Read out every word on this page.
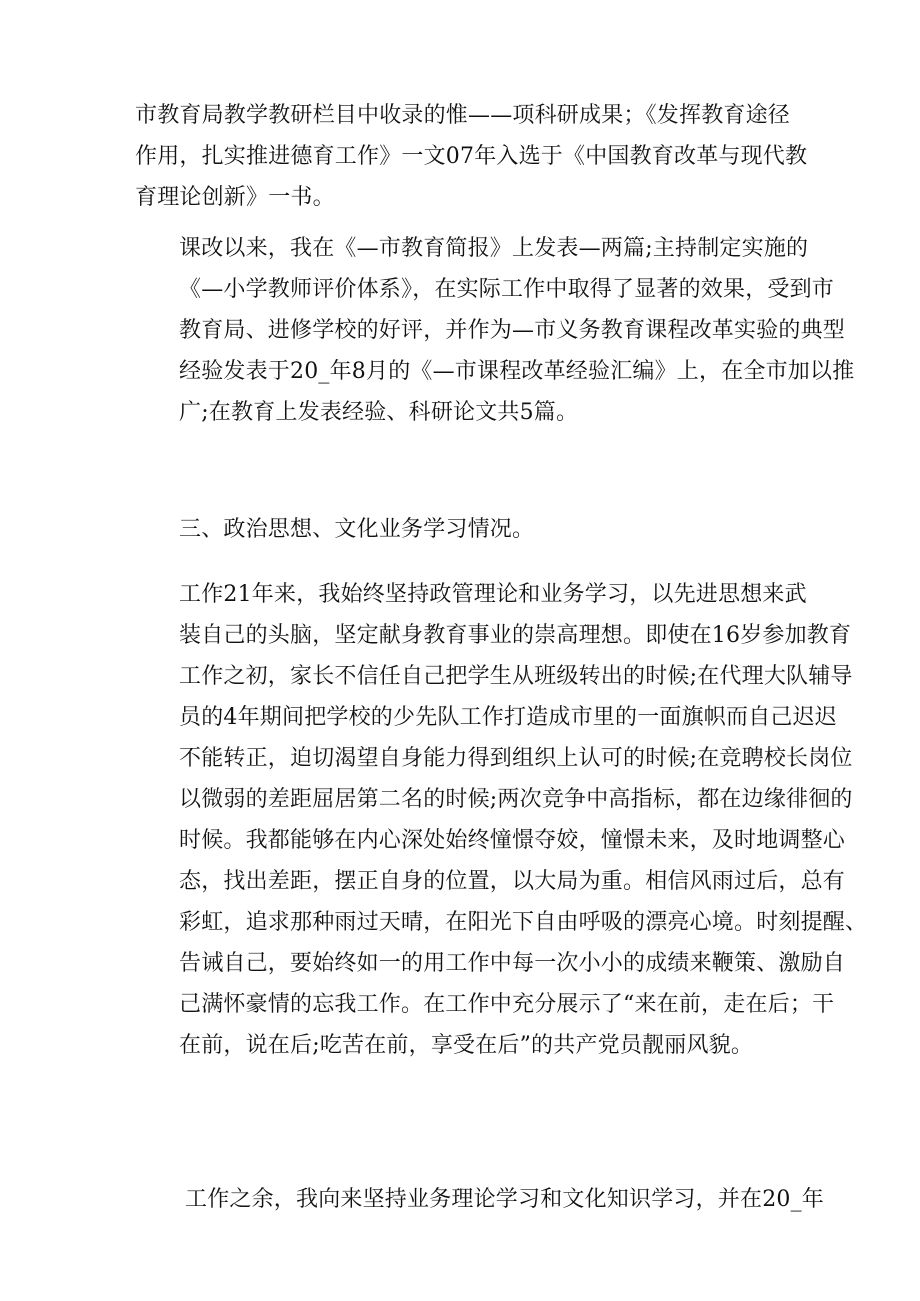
市教育局教学教研栏目中收录的惟——项科研成果；《发挥教育途径
作用，扎实推进德育工作》一文07年入选于《中国教育改革与现代教
育理论创新》一书。
课改以来，我在《—市教育简报》上发表—两篇;主持制定实施的
《—小学教师评价体系》，在实际工作中取得了显著的效果，受到市
教育局、进修学校的好评，并作为—市义务教育课程改革实验的典型
经验发表于20_年8月的《—市课程改革经验汇编》上，在全市加以推
广;在教育上发表经验、科研论文共5篇。
三、政治思想、文化业务学习情况。
工作21年来，我始终坚持政管理论和业务学习，以先进思想来武
装自己的头脑，坚定献身教育事业的崇高理想。即使在16岁参加教育
工作之初，家长不信任自己把学生从班级转出的时候;在代理大队辅导
员的4年期间把学校的少先队工作打造成市里的一面旗帜而自己迟迟
不能转正，迫切渴望自身能力得到组织上认可的时候;在竞聘校长岗位
以微弱的差距屈居第二名的时候;两次竞争中高指标，都在边缘徘徊的
时候。我都能够在内心深处始终憧憬夺姣，憧憬未来，及时地调整心
态，找出差距，摆正自身的位置，以大局为重。相信风雨过后，总有
彩虹，追求那种雨过天晴，在阳光下自由呼吸的漂亮心境。时刻提醒、
告诫自己，要始终如一的用工作中每一次小小的成绩来鞭策、激励自
己满怀豪情的忘我工作。在工作中充分展示了“来在前，走在后；干
在前，说在后;吃苦在前，享受在后”的共产党员靓丽风貌。
工作之余，我向来坚持业务理论学习和文化知识学习，并在20_年
